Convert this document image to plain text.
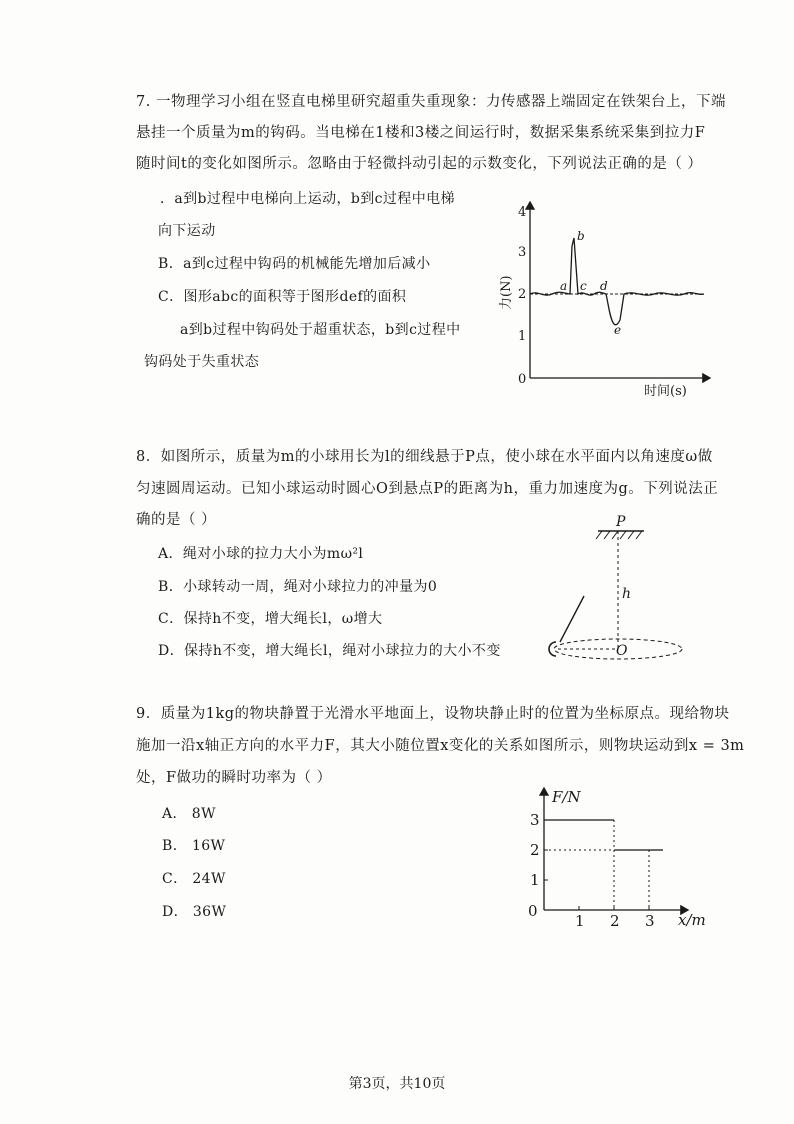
7. 一物理学习小组在竖直电梯里研究超重失重现象：力传感器上端固定在铁架台上，下端
悬挂一个质量为m的钩码。当电梯在1楼和3楼之间运行时，数据采集系统采集到拉力F
随时间t的变化如图所示。忽略由于轻微抖动引起的示数变化，下列说法正确的是（ ）
．a到b过程中电梯向上运动，b到c过程中电梯
向下运动
B．a到c过程中钩码的机械能先增加后减小
C．图形abc的面积等于图形def的面积
a到b过程中钩码处于超重状态，b到c过程中
钩码处于失重状态
0
1
2
3
4
力(N)
时间(s)
a
b
c d
e
8．如图所示，质量为m的小球用长为l的细线悬于P点，使小球在水平面内以角速度ω做
匀速圆周运动。已知小球运动时圆心O到悬点P的距离为h，重力加速度为g。下列说法正
确的是（ ）
A．绳对小球的拉力大小为mω²l
B．小球转动一周，绳对小球拉力的冲量为0
C．保持h不变，增大绳长l，ω增大
D．保持h不变，增大绳长l，绳对小球拉力的大小不变
P
h
O
9．质量为1kg的物块静置于光滑水平地面上，设物块静止时的位置为坐标原点。现给物块
施加一沿x轴正方向的水平力F，其大小随位置x变化的关系如图所示，则物块运动到x = 3m
处，F做功的瞬时功率为（ ）
A． 8W
B． 16W
C． 24W
D． 36W
F/N
x/m
0
1 2 3
1
2
3
第3页，共10页
